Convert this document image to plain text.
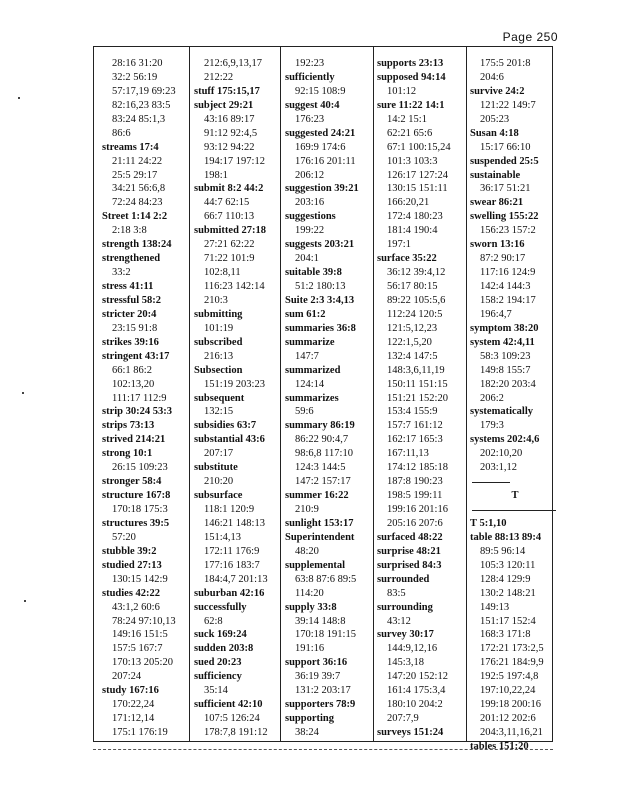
Page 250
28:16 31:20
32:2 56:19
57:17,19 69:23
82:16,23 83:5
83:24 85:1,3
86:6
streams 17:4
21:11 24:22
25:5 29:17
34:21 56:6,8
72:24 84:23
Street 1:14 2:2
2:18 3:8
strength 138:24
strengthened
33:2
stress 41:11
stressful 58:2
stricter 20:4
23:15 91:8
strikes 39:16
stringent 43:17
66:1 86:2
102:13,20
111:17 112:9
strip 30:24 53:3
strips 73:13
strived 214:21
strong 10:1
26:15 109:23
stronger 58:4
structure 167:8
170:18 175:3
structures 39:5
57:20
stubble 39:2
studied 27:13
130:15 142:9
studies 42:22
43:1,2 60:6
78:24 97:10,13
149:16 151:5
157:5 167:7
170:13 205:20
207:24
study 167:16
170:22,24
171:12,14
175:1 176:19
212:6,9,13,17
212:22
stuff 175:15,17
subject 29:21
43:16 89:17
91:12 92:4,5
93:12 94:22
194:17 197:12
198:1
submit 8:2 44:2
44:7 62:15
66:7 110:13
submitted 27:18
27:21 62:22
71:22 101:9
102:8,11
116:23 142:14
210:3
submitting
101:19
subscribed
216:13
Subsection
151:19 203:23
subsequent
132:15
subsidies 63:7
substantial 43:6
207:17
substitute
210:20
subsurface
118:1 120:9
146:21 148:13
151:4,13
172:11 176:9
177:16 183:7
184:4,7 201:13
suburban 42:16
successfully
62:8
suck 169:24
sudden 203:8
sued 20:23
sufficiency
35:14
sufficient 42:10
107:5 126:24
178:7,8 191:12
192:23
sufficiently
92:15 108:9
suggest 40:4
176:23
suggested 24:21
169:9 174:6
176:16 201:11
206:12
suggestion 39:21
203:16
suggestions
199:22
suggests 203:21
204:1
suitable 39:8
51:2 180:13
Suite 2:3 3:4,13
sum 61:2
summaries 36:8
summarize
147:7
summarized
124:14
summarizes
59:6
summary 86:19
86:22 90:4,7
98:6,8 117:10
124:3 144:5
147:2 157:17
summer 16:22
210:9
sunlight 153:17
Superintendent
48:20
supplemental
63:8 87:6 89:5
114:20
supply 33:8
39:14 148:8
170:18 191:15
191:16
support 36:16
36:19 39:7
131:2 203:17
supporters 78:9
supporting
38:24
supports 23:13
supposed 94:14
101:12
sure 11:22 14:1
14:2 15:1
62:21 65:6
67:1 100:15,24
101:3 103:3
126:17 127:24
130:15 151:11
166:20,21
172:4 180:23
181:4 190:4
197:1
surface 35:22
36:12 39:4,12
56:17 80:15
89:22 105:5,6
112:24 120:5
121:5,12,23
122:1,5,20
132:4 147:5
148:3,6,11,19
150:11 151:15
151:21 152:20
153:4 155:9
157:7 161:12
162:17 165:3
167:11,13
174:12 185:18
187:8 190:23
198:5 199:11
199:16 201:16
205:16 207:6
surfaced 48:22
surprise 48:21
surprised 84:3
surrounded
83:5
surrounding
43:12
survey 30:17
144:9,12,16
145:3,18
147:20 152:12
161:4 175:3,4
180:10 204:2
207:7,9
surveys 151:24
175:5 201:8
204:6
survive 24:2
121:22 149:7
205:23
Susan 4:18
15:17 66:10
suspended 25:5
sustainable
36:17 51:21
swear 86:21
swelling 155:22
156:23 157:2
sworn 13:16
87:2 90:17
117:16 124:9
142:4 144:3
158:2 194:17
196:4,7
symptom 38:20
system 42:4,11
58:3 109:23
149:8 155:7
182:20 203:4
206:2
systematically
179:3
systems 202:4,6
202:10,20
203:1,12
T
T 5:1,10
table 88:13 89:4
89:5 96:14
105:3 120:11
128:4 129:9
130:2 148:21
149:13
151:17 152:4
168:3 171:8
172:21 173:2,5
176:21 184:9,9
192:5 197:4,8
197:10,22,24
199:18 200:16
201:12 202:6
204:3,11,16,21
tables 151:20
